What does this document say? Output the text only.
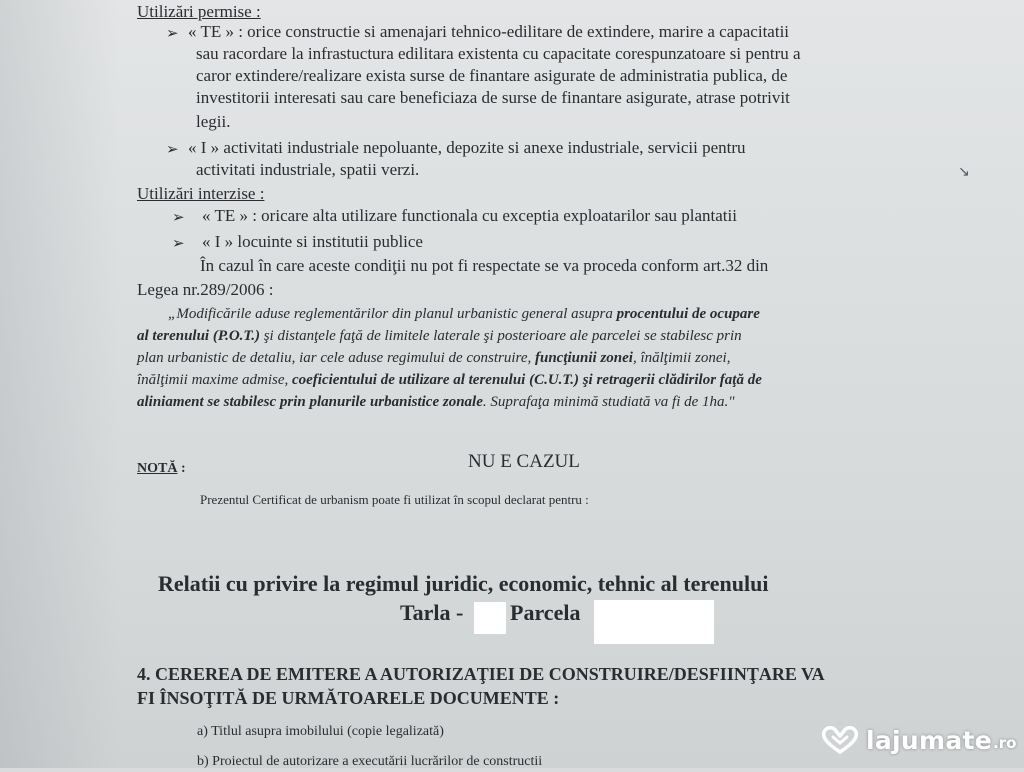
Utilizări permise :
➢ « TE » : orice constructie si amenajari tehnico-edilitare de extindere, marire a capacitatii
sau racordare la infrastuctura edilitara existenta cu capacitate corespunzatoare si pentru a
caror extindere/realizare exista surse de finantare asigurate de administratia publica, de
investitorii interesati sau care beneficiaza de surse de finantare asigurate, atrase potrivit
legii.
➢ « I » activitati industriale nepoluante, depozite si anexe industriale, servicii pentru
activitati industriale, spatii verzi.
Utilizări interzise :
➢ « TE » : oricare alta utilizare functionala cu exceptia exploatarilor sau plantatii
➢ « I » locuinte si institutii publice
În cazul în care aceste condiţii nu pot fi respectate se va proceda conform art.32 din
Legea nr.289/2006 :
„Modificările aduse reglementărilor din planul urbanistic general asupra procentului de ocupare
al terenului (P.O.T.) şi distanţele faţă de limitele laterale şi posterioare ale parcelei se stabilesc prin
plan urbanistic de detaliu, iar cele aduse regimului de construire, funcţiunii zonei, înălţimii zonei,
înălţimii maxime admise, coeficientului de utilizare al terenului (C.U.T.) şi retragerii clădirilor faţă de
aliniament se stabilesc prin planurile urbanistice zonale. Suprafaţa minimă studiată va fi de 1ha."
NOTĂ :	NU E CAZUL
Prezentul Certificat de urbanism poate fi utilizat în scopul declarat pentru :
Relatii cu privire la regimul juridic, economic, tehnic al terenului
Tarla - Parcela
4. CEREREA DE EMITERE A AUTORIZAŢIEI DE CONSTRUIRE/DESFIINŢARE VA
FI ÎNSOŢITĂ DE URMĂTOARELE DOCUMENTE :
a) Titlul asupra imobilului (copie legalizată)
b) Proiectul de autorizare a executării lucrărilor de constructii
↘
lajumate .ro
